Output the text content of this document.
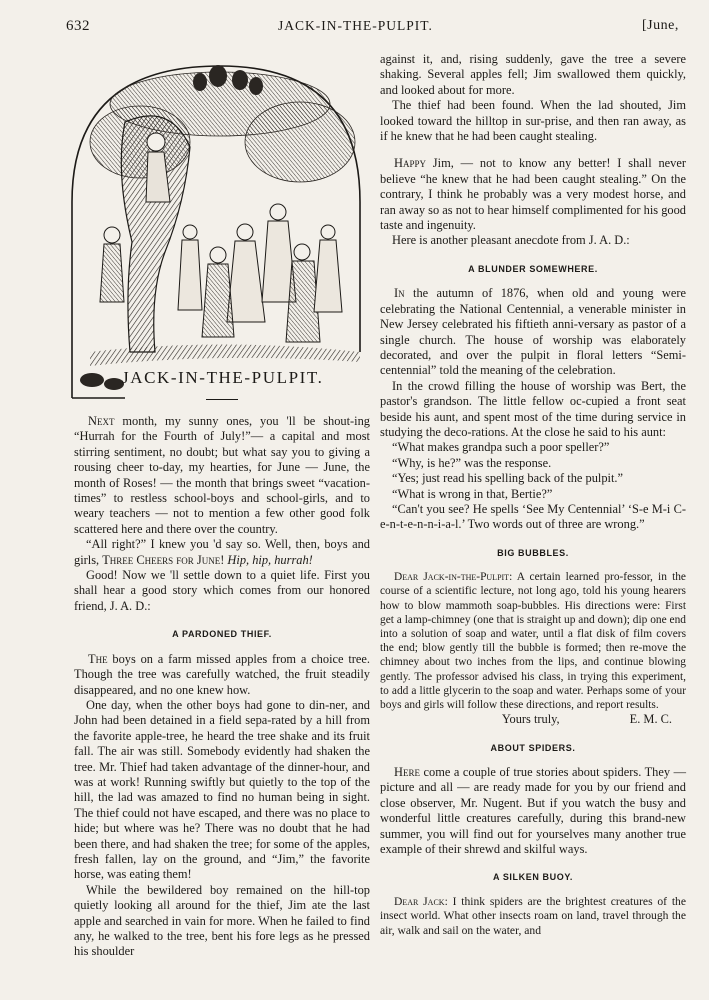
632	JACK-IN-THE-PULPIT.	[June,
JACK-IN-THE-PULPIT.

Next month, my sunny ones, you 'll be shout-ing “Hurrah for the Fourth of July!”— a capital and most stirring sentiment, no doubt; but what say you to giving a rousing cheer to-day, my hearties, for June — June, the month of Roses! — the month that brings sweet “vacation-times” to restless school-boys and school-girls, and to weary teachers — not to mention a few other good folk scattered here and there over the country.

“All right?” I knew you 'd say so. Well, then, boys and girls, Three Cheers for June! Hip, hip, hurrah!

Good! Now we 'll settle down to a quiet life. First you shall hear a good story which comes from our honored friend, J. A. D.:

A PARDONED THIEF.

The boys on a farm missed apples from a choice tree. Though the tree was carefully watched, the fruit steadily disappeared, and no one knew how.

One day, when the other boys had gone to din-ner, and John had been detained in a field sepa-rated by a hill from the favorite apple-tree, he heard the tree shake and its fruit fall. The air was still. Somebody evidently had shaken the tree. Mr. Thief had taken advantage of the dinner-hour, and was at work! Running swiftly but quietly to the top of the hill, the lad was amazed to find no human being in sight. The thief could not have escaped, and there was no place to hide; but where was he? There was no doubt that he had been there, and had shaken the tree; for some of the apples, fresh fallen, lay on the ground, and “Jim,” the favorite horse, was eating them!

While the bewildered boy remained on the hill-top quietly looking all around for the thief, Jim ate the last apple and searched in vain for more. When he failed to find any, he walked to the tree, bent his fore legs as he pressed his shoulder

against it, and, rising suddenly, gave the tree a severe shaking. Several apples fell; Jim swallowed them quickly, and looked about for more.

The thief had been found. When the lad shouted, Jim looked toward the hilltop in sur-prise, and then ran away, as if he knew that he had been caught stealing.

Happy Jim, — not to know any better! I shall never believe “he knew that he had been caught stealing.” On the contrary, I think he probably was a very modest horse, and ran away so as not to hear himself complimented for his good taste and ingenuity.

Here is another pleasant anecdote from J. A. D.:

A BLUNDER SOMEWHERE.

In the autumn of 1876, when old and young were celebrating the National Centennial, a venerable minister in New Jersey celebrated his fiftieth anni-versary as pastor of a single church. The house of worship was elaborately decorated, and over the pulpit in floral letters “Semi-centennial” told the meaning of the celebration.

In the crowd filling the house of worship was Bert, the pastor's grandson. The little fellow oc-cupied a front seat beside his aunt, and spent most of the time during service in studying the deco-rations. At the close he said to his aunt:

“What makes grandpa such a poor speller?”

“Why, is he?” was the response.

“Yes; just read his spelling back of the pulpit.”

“What is wrong in that, Bertie?”

“Can't you see? He spells ‘See My Centennial’ ‘S-e M-i C-e-n-t-e-n-n-i-a-l.’ Two words out of three are wrong.”

BIG BUBBLES.

Dear Jack-in-the-Pulpit: A certain learned pro-fessor, in the course of a scientific lecture, not long ago, told his young hearers how to blow mammoth soap-bubbles. His directions were: First get a lamp-chimney (one that is straight up and down); dip one end into a solution of soap and water, until a flat disk of film covers the end; blow gently till the bubble is formed; then re-move the chimney about two inches from the lips, and continue blowing gently. The professor advised his class, in trying this experiment, to add a little glycerin to the soap and water. Perhaps some of your boys and girls will follow these directions, and report results.

Yours truly,	E. M. C.
ABOUT SPIDERS.

Here come a couple of true stories about spiders. They — picture and all — are ready made for you by our friend and close observer, Mr. Nugent. But if you watch the busy and wonderful little creatures carefully, during this brand-new summer, you will find out for yourselves many another true example of their shrewd and skilful ways.

A SILKEN BUOY.

Dear Jack: I think spiders are the brightest creatures of the insect world. What other insects roam on land, travel through the air, walk and sail on the water, and
